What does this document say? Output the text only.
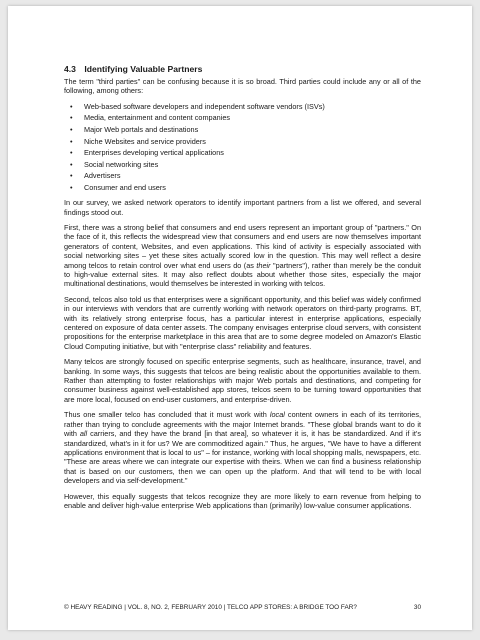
4.3 Identifying Valuable Partners

The term "third parties" can be confusing because it is so broad. Third parties could include any or all of the following, among others:

• Web-based software developers and independent software vendors (ISVs)
• Media, entertainment and content companies
• Major Web portals and destinations
• Niche Websites and service providers
• Enterprises developing vertical applications
• Social networking sites
• Advertisers
• Consumer and end users

In our survey, we asked network operators to identify important partners from a list we offered, and several findings stood out.

First, there was a strong belief that consumers and end users represent an important group of "partners." On the face of it, this reflects the widespread view that consumers and end users are now themselves important generators of content, Websites, and even applications. This kind of activity is especially associated with social networking sites – yet these sites actually scored low in the question. This may well reflect a desire among telcos to retain control over what end users do (as their "partners"), rather than merely be the conduit to high-value external sites. It may also reflect doubts about whether those sites, especially the major multinational destinations, would themselves be interested in working with telcos.

Second, telcos also told us that enterprises were a significant opportunity, and this belief was widely confirmed in our interviews with vendors that are currently working with network operators on third-party programs. BT, with its relatively strong enterprise focus, has a particular interest in enterprise applications, especially centered on exposure of data center assets. The company envisages enterprise cloud servers, with consistent propositions for the enterprise marketplace in this area that are to some degree modeled on Amazon's Elastic Cloud Computing initiative, but with "enterprise class" reliability and features.

Many telcos are strongly focused on specific enterprise segments, such as healthcare, insurance, travel, and banking. In some ways, this suggests that telcos are being realistic about the opportunities available to them. Rather than attempting to foster relationships with major Web portals and destinations, and competing for consumer business against well-established app stores, telcos seem to be turning toward opportunities that are more local, focused on end-user customers, and enterprise-driven.

Thus one smaller telco has concluded that it must work with local content owners in each of its territories, rather than trying to conclude agreements with the major Internet brands. "These global brands want to do it with all carriers, and they have the brand [in that area], so whatever it is, it has be standardized. And if it's standardized, what's in it for us? We are commoditized again." Thus, he argues, "We have to have a different applications environment that is local to us" – for instance, working with local shopping malls, newspapers, etc. "These are areas where we can integrate our expertise with theirs. When we can find a business relationship that is based on our customers, then we can open up the platform. And that will tend to be with local developers and via self-development."

However, this equally suggests that telcos recognize they are more likely to earn revenue from helping to enable and deliver high-value enterprise Web applications than (primarily) low-value consumer applications.

© HEAVY READING | VOL. 8, NO. 2, FEBRUARY 2010 | TELCO APP STORES: A BRIDGE TOO FAR?	30
